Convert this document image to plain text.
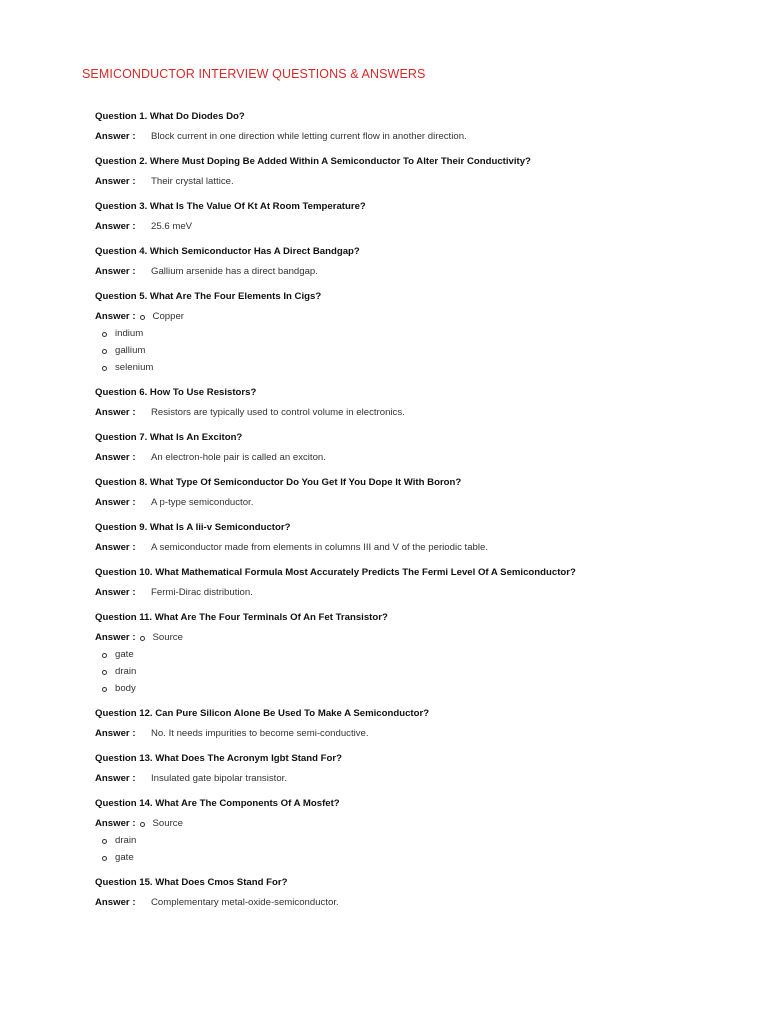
SEMICONDUCTOR INTERVIEW QUESTIONS & ANSWERS
Question 1. What Do Diodes Do?
Answer :	Block current in one direction while letting current flow in another direction.
Question 2. Where Must Doping Be Added Within A Semiconductor To Alter Their Conductivity?
Answer :	Their crystal lattice.
Question 3. What Is The Value Of Kt At Room Temperature?
Answer :	25.6 meV
Question 4. Which Semiconductor Has A Direct Bandgap?
Answer :	Gallium arsenide has a direct bandgap.
Question 5. What Are The Four Elements In Cigs?
Answer : Copper
indium
gallium
selenium
Question 6. How To Use Resistors?
Answer :	Resistors are typically used to control volume in electronics.
Question 7. What Is An Exciton?
Answer :	An electron-hole pair is called an exciton.
Question 8. What Type Of Semiconductor Do You Get If You Dope It With Boron?
Answer :	A p-type semiconductor.
Question 9. What Is A Iii-v Semiconductor?
Answer :	A semiconductor made from elements in columns III and V of the periodic table.
Question 10. What Mathematical Formula Most Accurately Predicts The Fermi Level Of A Semiconductor?
Answer :	Fermi-Dirac distribution.
Question 11. What Are The Four Terminals Of An Fet Transistor?
Answer : Source
gate
drain
body
Question 12. Can Pure Silicon Alone Be Used To Make A Semiconductor?
Answer :	No. It needs impurities to become semi-conductive.
Question 13. What Does The Acronym Igbt Stand For?
Answer :	Insulated gate bipolar transistor.
Question 14. What Are The Components Of A Mosfet?
Answer : Source
drain
gate
Question 15. What Does Cmos Stand For?
Answer :	Complementary metal-oxide-semiconductor.
